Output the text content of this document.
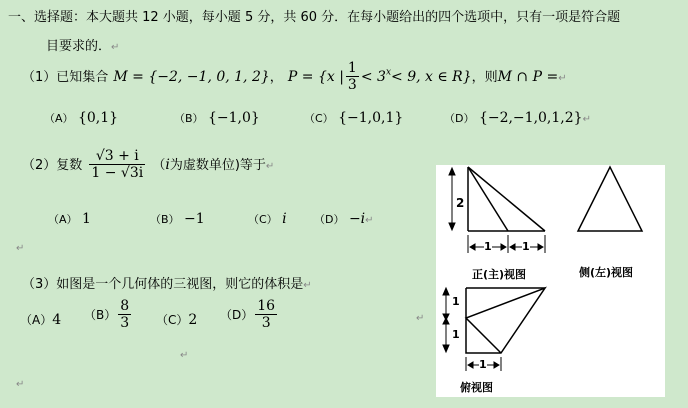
一、选择题：本大题共 12 小题，每小题 5 分，共 60 分．在每小题给出的四个选项中，只有一项是符合题
目要求的．↵
（1）已知集合 M = {−2, −1, 0, 1, 2}， P = {x | $\frac{1}{3} < 3^x< 9$, x ∈ R}，则M ∩ P =↵
（A） {0,1}	（B） {−1,0}	（C） {−1,0,1}	（D） {−2,−1,0,1,2}↵
（2）复数 $\frac{√3 + i}{1 - √3i} (i$为虚数单位)等于↵
（A） 1	（B） −1	（C） i （D） −i↵
↵
（3）如图是一个几何体的三视图，则它的体积是↵
（A）4 $(B) \frac{8}{3} (C)2$ $(D) \frac{16}{3}$	↵
↵
↵
2
1	1
1
1
1
正(主)视图	侧(左)视图
俯视图
